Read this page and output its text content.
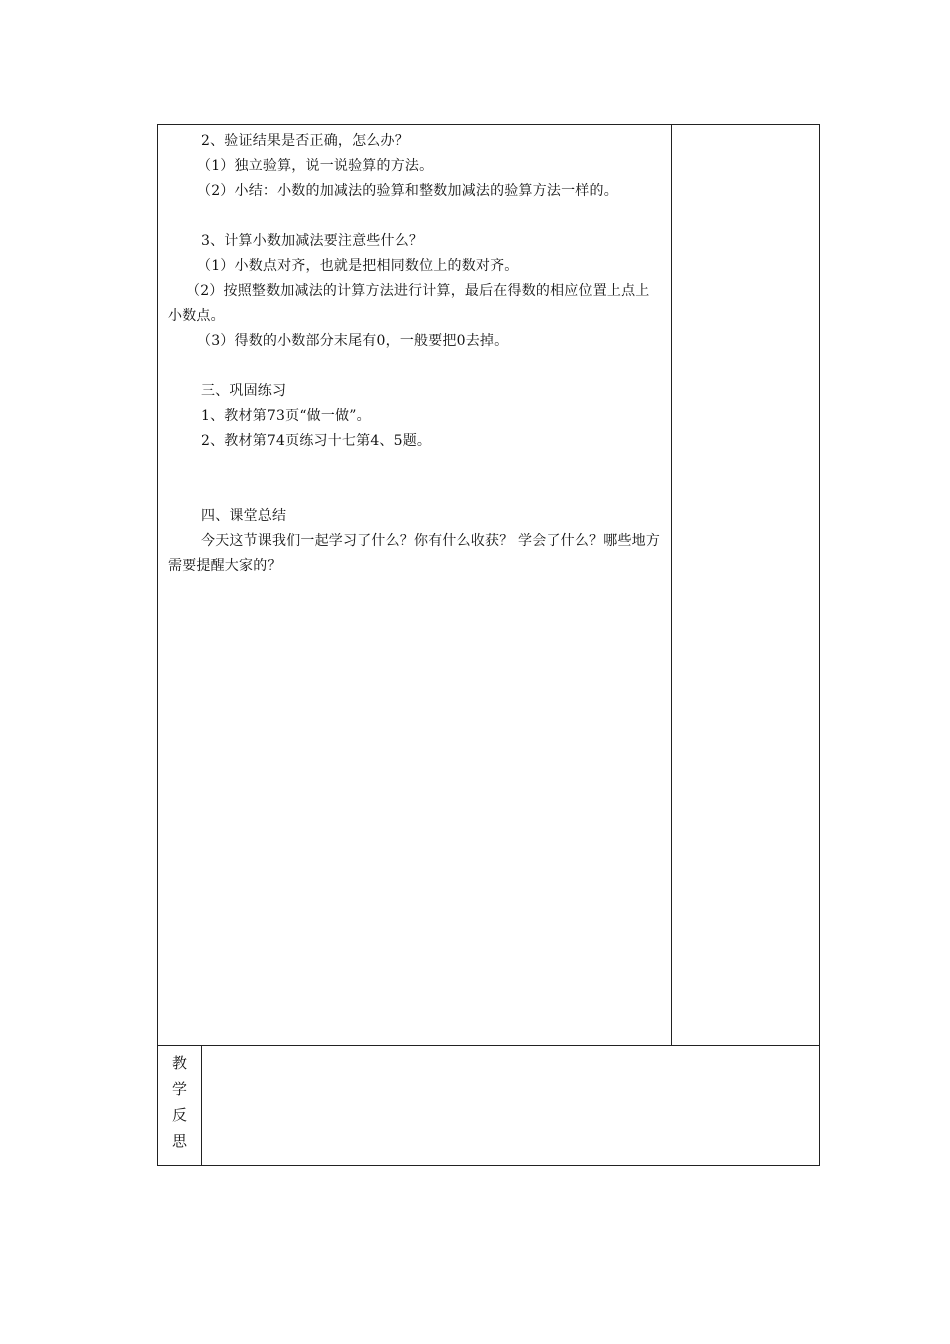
2、验证结果是否正确，怎么办？

（1）独立验算，说一说验算的方法。

（2）小结：小数的加减法的验算和整数加减法的验算方法一样的。

3、计算小数加减法要注意些什么？

（1）小数点对齐，也就是把相同数位上的数对齐。

（2）按照整数加减法的计算方法进行计算，最后在得数的相应位置上点上小数点。

（3）得数的小数部分末尾有0，一般要把0去掉。

三、巩固练习

1、教材第73页“做一做”。

2、教材第74页练习十七第4、5题。

四、课堂总结

今天这节课我们一起学习了什么？你有什么收获？ 学会了什么？哪些地方需要提醒大家的？

教
学
反
思
